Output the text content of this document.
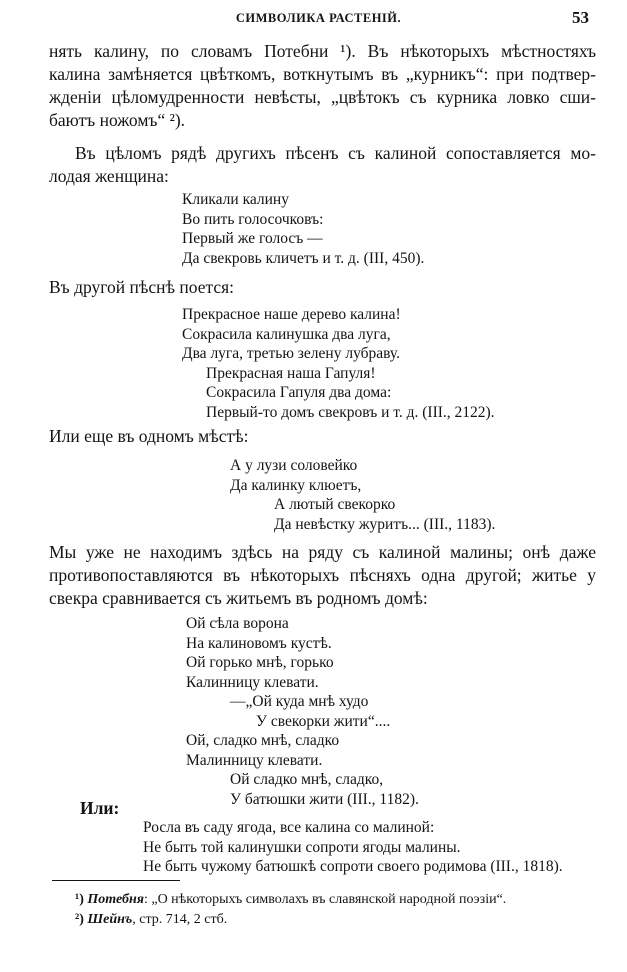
СИМВОЛИКА РАСТЕНІЙ.	53
нять калину, по словамъ Потебни ¹). Въ нѣкоторыхъ мѣстностяхъ
калина замѣняется цвѣткомъ, воткнутымъ въ „курникъ“: при подтвер-
жденіи цѣломудренности невѣсты, „цвѣтокъ съ курника ловко сши-
баютъ ножомъ“ ²).
Въ цѣломъ рядѣ другихъ пѣсенъ съ калиной сопоставляется мо-
лодая женщина:
Кликали калину
Во пить голосочковъ:
Первый же голосъ —
Да свекровь кличетъ и т. д. (III, 450).
Въ другой пѣснѣ поется:
Прекрасное наше дерево калина!
Сокрасила калинушка два луга,
Два луга, третью зелену лубраву.
Прекрасная наша Гапуля!
Сокрасила Гапуля два дома:
Первый-то домъ свекровъ и т. д. (III., 2122).
Или еще въ одномъ мѣстѣ:
А у лузи соловейко
Да калинку клюетъ,
А лютый свекорко
Да невѣстку журитъ... (III., 1183).
Мы уже не находимъ здѣсь на ряду съ калиной малины; онѣ даже
противопоставляются въ нѣкоторыхъ пѣсняхъ одна другой; житье у
свекра сравнивается съ житьемъ въ родномъ домѣ:
Ой сѣла ворона
На калиновомъ кустѣ.
Ой горько мнѣ, горько
Калинницу клевати.
—„Ой куда мнѣ худо
У свекорки жити“....
Ой, сладко мнѣ, сладко
Малинницу клевати.
Ой сладко мнѣ, сладко,
У батюшки жити (III., 1182).
Или:
Росла въ саду ягода, все калина со малиной:
Не быть той калинушки сопроти ягоды малины.
Не быть чужому батюшкѣ сопроти своего родимова (III., 1818).
¹) Потебня: „О нѣкоторыхъ символахъ въ славянской народной поэзіи“.
²) Шейнъ, стр. 714, 2 стб.
